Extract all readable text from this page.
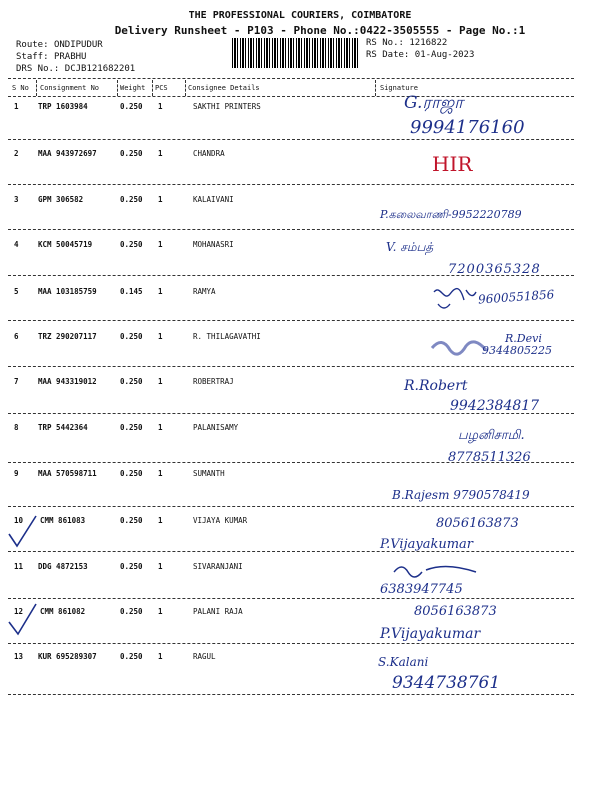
THE PROFESSIONAL COURIERS, COIMBATORE
Delivery Runsheet - P103 - Phone No.:0422-3505555 - Page No.:1
Route: ONDIPUDUR
Staff: PRABHU
DRS No.: DCJB121682201
RS No.: 1216822
RS Date: 01-Aug-2023
S No Consignment No	Weight PCS	Consignee Details	Signature
1	TRP 1603984	0.250 1	SAKTHI PRINTERS	G.ராஜா
9994176160
2	MAA 943972697	0.250 1	CHANDRA	HIR
3	GPM 306582	0.250 1	KALAIVANI
P.கலைவாணி-9952220789
4	KCM 50045719	0.250 1	MOHANASRI	V. சம்பத்
7200365328
5	MAA 103185759	0.145 1	RAMYA	9600551856
6	TRZ 290207117	0.250 1	R. THILAGAVATHI	R.Devi
9344805225
7	MAA 943319012	0.250 1	ROBERTRAJ	R.Robert
9942384817
8	TRP 5442364	0.250 1	PALANISAMY
பழனிசாமி.
8778511326
9	MAA 570598711	0.250 1	SUMANTH
B.Rajesm 9790578419
10 CMM 861083	0.250 1	VIJAYA KUMAR	8056163873
P.Vijayakumar
11 DDG 4872153	0.250 1	SIVARANJANI
6383947745
12 CMM 861082	0.250 1	PALANI RAJA	8056163873
P.Vijayakumar
13 KUR 695289307	0.250 1	RAGUL	S.Kalani
9344738761
